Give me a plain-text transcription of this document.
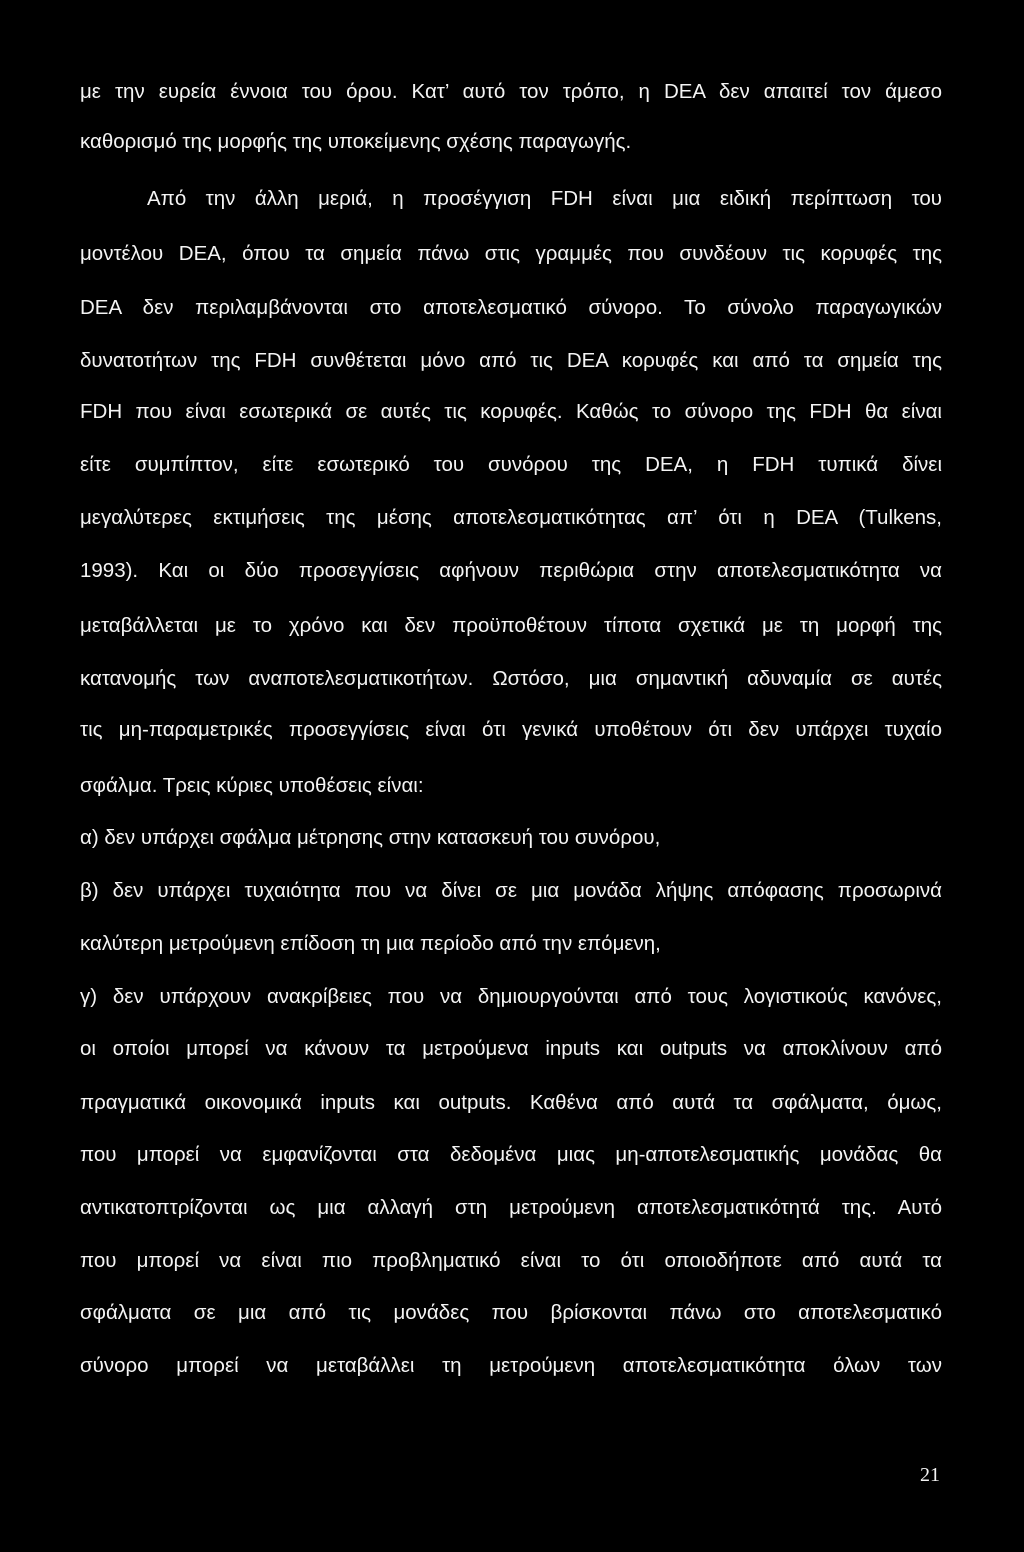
με την ευρεία έννοια του όρου. Κατ’ αυτό τον τρόπο, η DEA δεν απαιτεί τον άμεσο

καθορισμό της μορφής της υποκείμενης σχέσης παραγωγής.

Από την άλλη μεριά, η προσέγγιση FDH είναι μια ειδική περίπτωση του

μοντέλου DEA, όπου τα σημεία πάνω στις γραμμές που συνδέουν τις κορυφές της

DEA δεν περιλαμβάνονται στο αποτελεσματικό σύνορο. Το σύνολο παραγωγικών

δυνατοτήτων της FDH συνθέτεται μόνο από τις DEA κορυφές και από τα σημεία της

FDH που είναι εσωτερικά σε αυτές τις κορυφές. Καθώς το σύνορο της FDH θα είναι

είτε συμπίπτον, είτε εσωτερικό του συνόρου της DEA, η FDH τυπικά δίνει

μεγαλύτερες εκτιμήσεις της μέσης αποτελεσματικότητας απ’ ότι η DEA (Tulkens,

1993). Και οι δύο προσεγγίσεις αφήνουν περιθώρια στην αποτελεσματικότητα να

μεταβάλλεται με το χρόνο και δεν προϋποθέτουν τίποτα σχετικά με τη μορφή της

κατανομής των αναποτελεσματικοτήτων. Ωστόσο, μια σημαντική αδυναμία σε αυτές

τις μη-παραμετρικές προσεγγίσεις είναι ότι γενικά υποθέτουν ότι δεν υπάρχει τυχαίο

σφάλμα. Τρεις κύριες υποθέσεις είναι:

α) δεν υπάρχει σφάλμα μέτρησης στην κατασκευή του συνόρου,

β) δεν υπάρχει τυχαιότητα που να δίνει σε μια μονάδα λήψης απόφασης προσωρινά

καλύτερη μετρούμενη επίδοση τη μια περίοδο από την επόμενη,

γ) δεν υπάρχουν ανακρίβειες που να δημιουργούνται από τους λογιστικούς κανόνες,

οι οποίοι μπορεί να κάνουν τα μετρούμενα inputs και outputs να αποκλίνουν από

πραγματικά οικονομικά inputs και outputs. Καθένα από αυτά τα σφάλματα, όμως,

που μπορεί να εμφανίζονται στα δεδομένα μιας μη-αποτελεσματικής μονάδας θα

αντικατοπτρίζονται ως μια αλλαγή στη μετρούμενη αποτελεσματικότητά της. Αυτό

που μπορεί να είναι πιο προβληματικό είναι το ότι οποιοδήποτε από αυτά τα

σφάλματα σε μια από τις μονάδες που βρίσκονται πάνω στο αποτελεσματικό

σύνορο μπορεί να μεταβάλλει τη μετρούμενη αποτελεσματικότητα όλων των

21
